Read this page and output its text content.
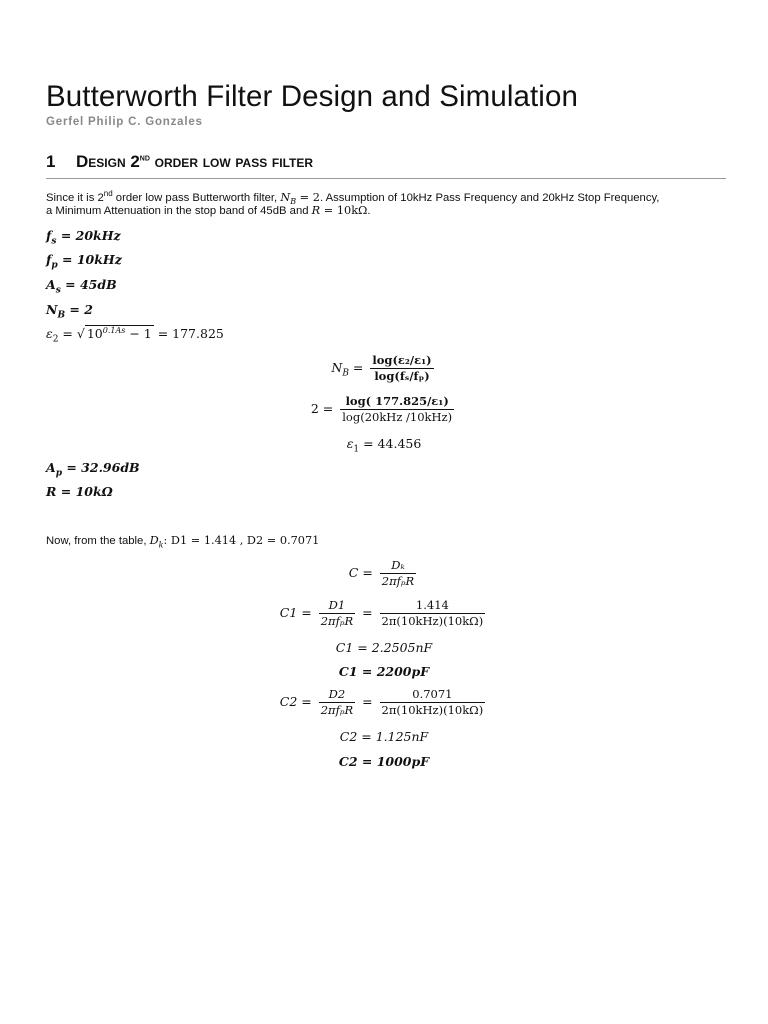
Butterworth Filter Design and Simulation
Gerfel Philip C. Gonzales
1 Design 2nd order low pass filter

Since it is 2nd order low pass Butterworth filter, $N_B = 2$. Assumption of 10kHz Pass Frequency and 20kHz Stop Frequency,

a Minimum Attenuation in the stop band of 45dB and R = 10kΩ.

$f_s = 20kHz$
$f_p = 10kHz$
$A_s = 45dB$
$N_B = 2$
$\varepsilon_2$ = √ $10^{0.1As} - 1 = 177.825$
$N_B = \frac{\text{log(ε₂/ε₁)}}{\text{log(fₛ/fₚ)}}$
$2 = \frac{\text{log( 177.825/ε₁)}}{\text{log(20kHz /10kHz)}}$
$\varepsilon_1 = 44.456$
$A_p = 32.96dB$
R = 10kΩ

Now, from the table, $D_k$: D1 = 1.414 , D2 = 0.7071

$C = \frac{\text{Dₖ}}{\text{2πfₚR}}$
$C1 = \frac{D1}{\text{2πfₚR}} = \frac{1.414}{\text{2π(10kHz)(10kΩ)}}$
C1 = 2.2505nF
C1 = 2200pF
$C2 = \frac{D2}{\text{2πfₚR}} = \frac{0.7071}{\text{2π(10kHz)(10kΩ)}}$
C2 = 1.125nF
C2 = 1000pF
